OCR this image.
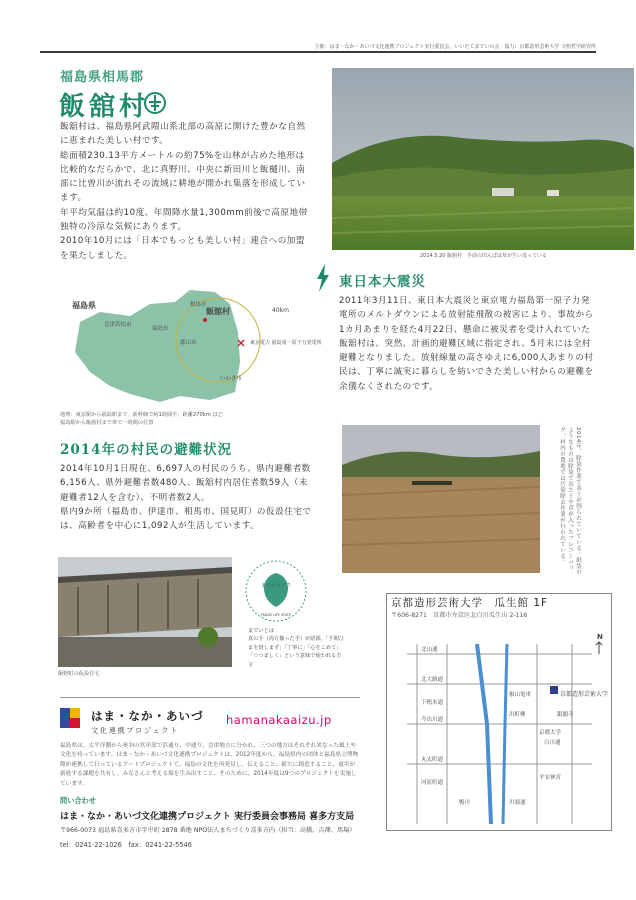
主催：はま・なか・あいづ文化連携プロジェクト実行委員会、いいたてまでいの会　協力：京都造形芸術大学 文明哲学研究所
福島県相馬郡
飯舘村

飯舘村は、福島県阿武隈山系北部の高原に開けた豊かな自然に恵まれた美しい村です。

総面積230.13平方メートルの約75%を山林が占めた地形は比較的なだらかで、北に真野川、中央に新田川と飯樋川、南部に比曽川が流れその流域に耕地が開かれ集落を形成しています。

年平均気温は約10度、年間降水量1,300mm前後で高原地帯独特の冷涼な気候にあります。

2010年10月には「日本でもっとも美しい村」連合への加盟を果たしました。	2014.5.20 飯舘村　手前の田んぼは草が生い茂っている
東日本大震災
2011年3月11日、東日本大震災と東京電力福島第一原子力発電所のメルトダウンによる放射能飛散の被害により、事故から1カ月あまりを経た4月22日、懸命に被災者を受け入れていた飯舘村は、突然、計画的避難区域に指定され、5月末には全村避難となりました。放射線量の高さゆえに6,000人あまりの村民は、丁寧に誠実に暮らしを紡いできた美しい村からの避難を余儀なくされたのです。
福島県
40km
相馬市
飯舘村
会津若松市
福島市
郡山市
いわき市
東京電力 福島第一原子力発電所
地理：東京駅から福島駅まで、新幹線で約1時間半、距離270km ほど
福島駅から飯舘村まで車で一時間の位置
2014年の村民の避難状況

2014年10月1日現在、6,697人の村民のうち、県内避難者数6,156人、県外避難者数480人、飯舘村内居住者数59人（未避難者12人を含む）、不明者数2人。

県内9か所（福島市、伊達市、相馬市、国見町）の仮設住宅では、高齢者を中心に1,092人が生活しています。	2014年、除染作業で表土が削られていている。紙袋のようなものは除染で出た土や草が入ったフレコンバッグ。村内の農地では汚染除去作業が行われている。
飯野町の仮設住宅
までいライフ
MADEI LIFE IITATE
までいとは
真の手（両方揃った手）が語源。「手間ひまを惜しまず」「丁寧に」「心をこめて」「つつましく」という意味で使われる方言
はま・なか・あいづ
文化連携プロジェクト
hamanakaaizu.jp
福島県は、太平洋側から奥羽の宮岸部で浜通り、中通り、会津地方に分かれ、三つの地方はそれぞれ異なった風土や文化を持っています。はま・なか・あいづ文化連携プロジェクトは、2012年度から、福島県内の団体と福島県立博物館が連携して行っているアートプロジェクトで、福島の文化を再発見し、伝えること、新たに創造すること、震災が新進する課題を共有し、みなさんと考える場を生み出すこと、そのために、2014年度は9つのプロジェクトを実施しています。
問い合わせ
はま・なか・あいづ文化連携プロジェクト 実行委員会事務局 喜多方支局
〒966-0073 福島県喜多方市字中町 2878 番地 NPO法人まちづくり喜多方内（担当：高橋、吉澤、馬場）
tel：0241-22-1026　fax：0241-22-5546
京都造形芸術大学　瓜生館 1F
〒606-8271　京都市左京区北白川瓜生山 2-116
北山通
北大路通
今出川通
丸太町通
川端通
鴨川
下鴨本通
河原町通
白川通
京都大学
銀閣寺
平安神宮
出町柳
叡山電車	京都造形芸術大学
N
